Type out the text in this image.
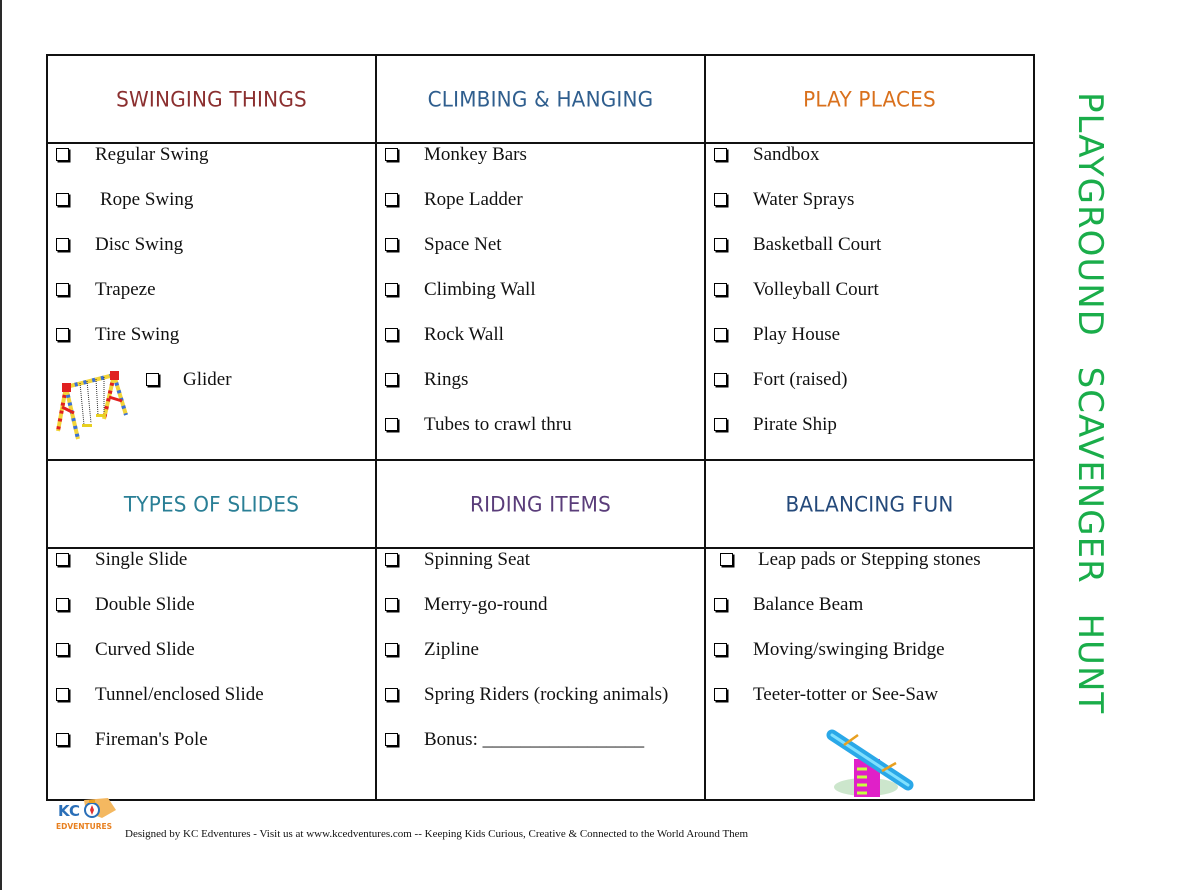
SWINGING THINGS	CLIMBING & HANGING	PLAY PLACES

Regular Swing
Rope Swing
Disc Swing
Trapeze
Tire Swing
Glider

Monkey Bars
Rope Ladder
Space Net
Climbing Wall
Rock Wall
Rings
Tubes to crawl thru

Sandbox
Water Sprays
Basketball Court
Volleyball Court
Play House
Fort (raised)
Pirate Ship

TYPES OF SLIDES	RIDING ITEMS	BALANCING FUN

Single Slide
Double Slide
Curved Slide
Tunnel/enclosed Slide
Fireman's Pole

Spinning Seat
Merry-go-round
Zipline
Spring Riders (rocking animals)
Bonus: _________________

Leap pads or Stepping stones
Balance Beam
Moving/swinging Bridge
Teeter-totter or See-Saw	PLAYGROUND SCAVENGER HUNT
KC
EDVENTURES
Designed by KC Edventures - Visit us at www.kcedventures.com -- Keeping Kids Curious, Creative & Connected to the World Around Them
